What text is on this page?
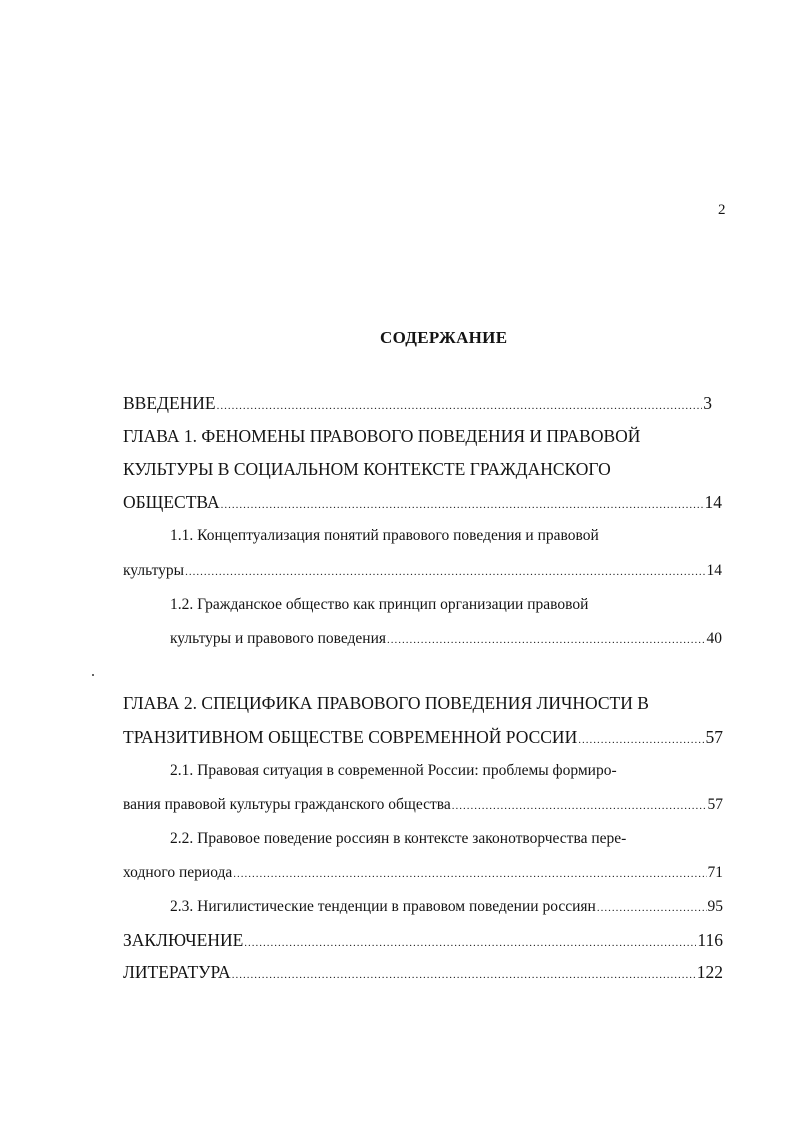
2
СОДЕРЖАНИЕ
ВВЕДЕНИЕ .....	3
ГЛАВА 1. ФЕНОМЕНЫ ПРАВОВОГО ПОВЕДЕНИЯ И ПРАВОВОЙ
КУЛЬТУРЫ В СОЦИАЛЬНОМ КОНТЕКСТЕ ГРАЖДАНСКОГО
ОБЩЕСТВА .....	14
1.1. Концептуализация понятий правового поведения и правовой
культуры .....	14
1.2. Гражданское общество как принцип организации правовой
культуры и правового поведения .....	40
ГЛАВА 2. СПЕЦИФИКА ПРАВОВОГО ПОВЕДЕНИЯ ЛИЧНОСТИ В
ТРАНЗИТИВНОМ ОБЩЕСТВЕ СОВРЕМЕННОЙ РОССИИ .....	57
2.1. Правовая ситуация в современной России: проблемы формиро-
вания правовой культуры гражданского общества .....	57
2.2. Правовое поведение россиян в контексте законотворчества пере-
ходного периода .....	71
2.3. Нигилистические тенденции в правовом поведении россиян .....	95
ЗАКЛЮЧЕНИЕ .....	116
ЛИТЕРАТУРА .....	122
